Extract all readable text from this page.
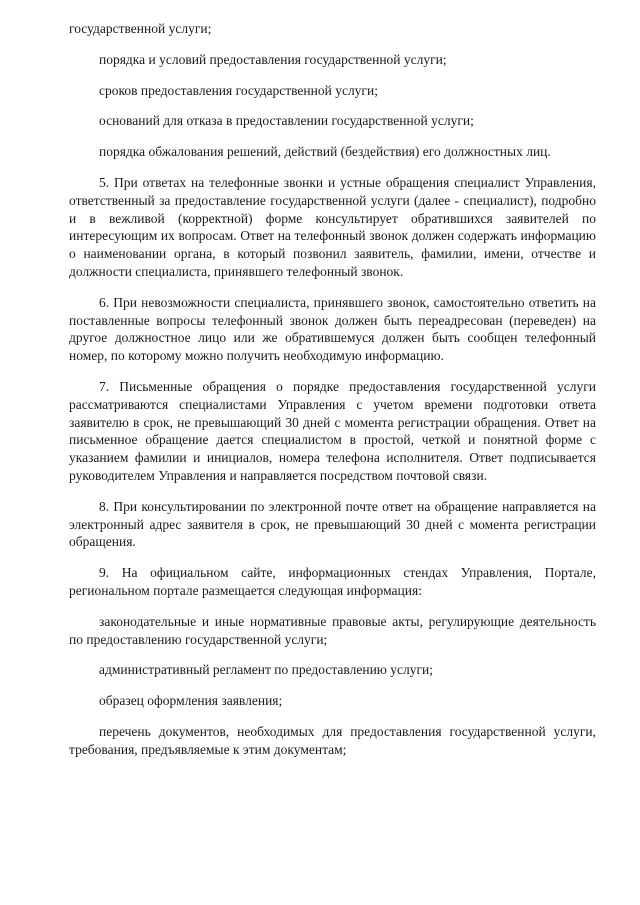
государственной услуги;

порядка и условий предоставления государственной услуги;

сроков предоставления государственной услуги;

оснований для отказа в предоставлении государственной услуги;

порядка обжалования решений, действий (бездействия) его должностных лиц.

5. При ответах на телефонные звонки и устные обращения специалист Управления, ответственный за предоставление государственной услуги (далее - специалист), подробно и в вежливой (корректной) форме консультирует обратившихся заявителей по интересующим их вопросам. Ответ на телефонный звонок должен содержать информацию о наименовании органа, в который позвонил заявитель, фамилии, имени, отчестве и должности специалиста, принявшего телефонный звонок.

6. При невозможности специалиста, принявшего звонок, самостоятельно ответить на поставленные вопросы телефонный звонок должен быть переадресован (переведен) на другое должностное лицо или же обратившемуся должен быть сообщен телефонный номер, по которому можно получить необходимую информацию.

7. Письменные обращения о порядке предоставления государственной услуги рассматриваются специалистами Управления с учетом времени подготовки ответа заявителю в срок, не превышающий 30 дней с момента регистрации обращения. Ответ на письменное обращение дается специалистом в простой, четкой и понятной форме с указанием фамилии и инициалов, номера телефона исполнителя. Ответ подписывается руководителем Управления и направляется посредством почтовой связи.

8. При консультировании по электронной почте ответ на обращение направляется на электронный адрес заявителя в срок, не превышающий 30 дней с момента регистрации обращения.

9. На официальном сайте, информационных стендах Управления, Портале, региональном портале размещается следующая информация:

законодательные и иные нормативные правовые акты, регулирующие деятельность по предоставлению государственной услуги;

административный регламент по предоставлению услуги;

образец оформления заявления;

перечень документов, необходимых для предоставления государственной услуги, требования, предъявляемые к этим документам;
